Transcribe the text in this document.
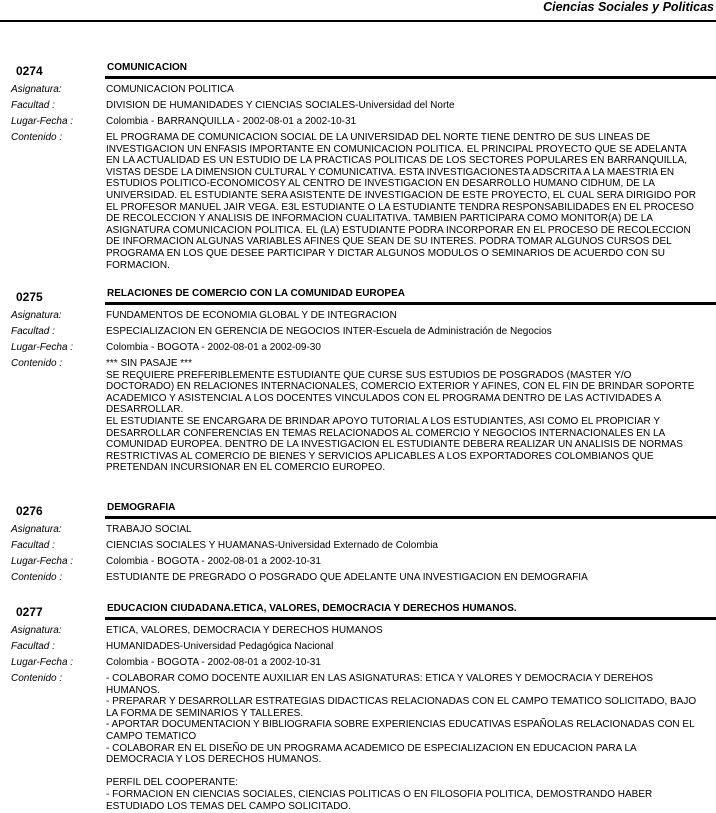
Ciencias Sociales y Politicas
0274	COMUNICACION
Asignatura:	COMUNICACION POLITICA
Facultad :	DIVISION DE HUMANIDADES Y CIENCIAS SOCIALES-Universidad del Norte
Lugar-Fecha :	Colombia - BARRANQUILLA - 2002-08-01 a 2002-10-31
Contenido :	EL PROGRAMA DE COMUNICACION SOCIAL DE LA UNIVERSIDAD DEL NORTE TIENE DENTRO DE SUS LINEAS DE
INVESTIGACION UN ENFASIS IMPORTANTE EN COMUNICACION POLITICA. EL PRINCIPAL PROYECTO QUE SE ADELANTA
EN LA ACTUALIDAD ES UN ESTUDIO DE LA PRACTICAS POLITICAS DE LOS SECTORES POPULARES EN BARRANQUILLA,
VISTAS DESDE LA DIMENSION CULTURAL Y COMUNICATIVA. ESTA INVESTIGACIONESTA ADSCRITA A LA MAESTRIA EN
ESTUDIOS POLITICO-ECONOMICOSY AL CENTRO DE INVESTIGACION EN DESARROLLO HUMANO CIDHUM, DE LA
UNIVERSIDAD. EL ESTUDIANTE SERA ASISTENTE DE INVESTIGACION DE ESTE PROYECTO, EL CUAL SERA DIRIGIDO POR
EL PROFESOR MANUEL JAIR VEGA. E3L ESTUDIANTE O LA ESTUDIANTE TENDRA RESPONSABILIDADES EN EL PROCESO
DE RECOLECCION Y ANALISIS DE INFORMACION CUALITATIVA. TAMBIEN PARTICIPARA COMO MONITOR(A) DE LA
ASIGNATURA COMUNICACION POLITICA. EL (LA) ESTUDIANTE PODRA INCORPORAR EN EL PROCESO DE RECOLECCION
DE INFORMACION ALGUNAS VARIABLES AFINES QUE SEAN DE SU INTERES. PODRA TOMAR ALGUNOS CURSOS DEL
PROGRAMA EN LOS QUE DESEE PARTICIPAR Y DICTAR ALGUNOS MODULOS O SEMINARIOS DE ACUERDO CON SU
FORMACION.
0275	RELACIONES DE COMERCIO CON LA COMUNIDAD EUROPEA
Asignatura:	FUNDAMENTOS DE ECONOMIA GLOBAL Y DE INTEGRACION
Facultad :	ESPECIALIZACION EN GERENCIA DE NEGOCIOS INTER-Escuela de Administración de Negocios
Lugar-Fecha :	Colombia - BOGOTA - 2002-08-01 a 2002-09-30
Contenido :	*** SIN PASAJE ***
SE REQUIERE PREFERIBLEMENTE ESTUDIANTE QUE CURSE SUS ESTUDIOS DE POSGRADOS (MASTER Y/O
DOCTORADO) EN RELACIONES INTERNACIONALES, COMERCIO EXTERIOR Y AFINES, CON EL FIN DE BRINDAR SOPORTE
ACADEMICO Y ASISTENCIAL A LOS DOCENTES VINCULADOS CON EL PROGRAMA DENTRO DE LAS ACTIVIDADES A
DESARROLLAR.
EL ESTUDIANTE SE ENCARGARA DE BRINDAR APOYO TUTORIAL A LOS ESTUDIANTES, ASI COMO EL PROPICIAR Y
DESARROLLAR CONFERENCIAS EN TEMAS RELACIONADOS AL COMERCIO Y NEGOCIOS INTERNACIONALES EN LA
COMUNIDAD EUROPEA. DENTRO DE LA INVESTIGACION EL ESTUDIANTE DEBERA REALIZAR UN ANALISIS DE NORMAS
RESTRICTIVAS AL COMERCIO DE BIENES Y SERVICIOS APLICABLES A LOS EXPORTADORES COLOMBIANOS QUE
PRETENDAN INCURSIONAR EN EL COMERCIO EUROPEO.
0276	DEMOGRAFIA
Asignatura:	TRABAJO SOCIAL
Facultad :	CIENCIAS SOCIALES Y HUAMANAS-Universidad Externado de Colombia
Lugar-Fecha :	Colombia - BOGOTA - 2002-08-01 a 2002-10-31
Contenido :	ESTUDIANTE DE PREGRADO O POSGRADO QUE ADELANTE UNA INVESTIGACION EN DEMOGRAFIA
0277	EDUCACION CIUDADANA.ETICA, VALORES, DEMOCRACIA Y DERECHOS HUMANOS.
Asignatura:	ETICA, VALORES, DEMOCRACIA Y DERECHOS HUMANOS
Facultad :	HUMANIDADES-Universidad Pedagógica Nacional
Lugar-Fecha :	Colombia - BOGOTA - 2002-08-01 a 2002-10-31
Contenido :	- COLABORAR COMO DOCENTE AUXILIAR EN LAS ASIGNATURAS: ETICA Y VALORES Y DEMOCRACIA Y DEREHOS
HUMANOS.
- PREPARAR Y DESARROLLAR ESTRATEGIAS DIDACTICAS RELACIONADAS CON EL CAMPO TEMATICO SOLICITADO, BAJO
LA FORMA DE SEMINARIOS Y TALLERES.
- APORTAR DOCUMENTACION Y BIBLIOGRAFIA SOBRE EXPERIENCIAS EDUCATIVAS ESPAÑOLAS RELACIONADAS CON EL
CAMPO TEMATICO
- COLABORAR EN EL DISEÑO DE UN PROGRAMA ACADEMICO DE ESPECIALIZACION EN EDUCACION PARA LA
DEMOCRACIA Y LOS DERECHOS HUMANOS.

PERFIL DEL COOPERANTE:
- FORMACION EN CIENCIAS SOCIALES, CIENCIAS POLITICAS O EN FILOSOFIA POLITICA, DEMOSTRANDO HABER
ESTUDIADO LOS TEMAS DEL CAMPO SOLICITADO.
